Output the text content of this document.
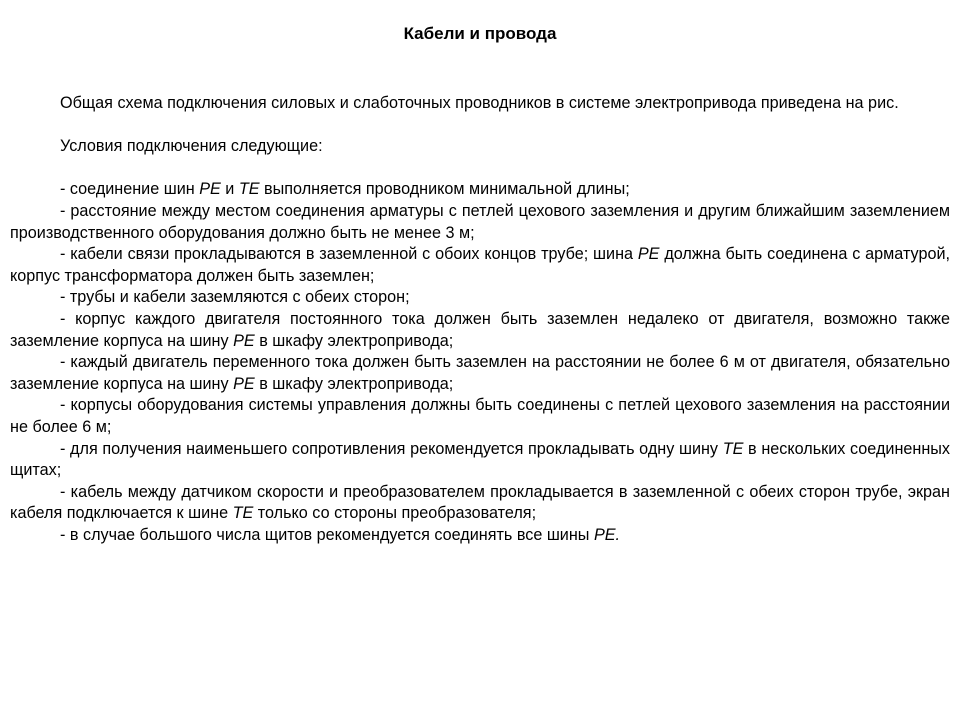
Кабели и провода

Общая схема подключения силовых и слаботочных проводников в системе электропривода приведена на рис.

Условия подключения следующие:

- соединение шин PE и TE выполняется проводником минимальной длины;

- расстояние между местом соединения арматуры с петлей цехового заземления и другим ближайшим заземлением производственного оборудования должно быть не менее 3 м;

- кабели связи прокладываются в заземленной с обоих концов трубе; шина PE должна быть соединена с арматурой, корпус трансформатора должен быть заземлен;

- трубы и кабели заземляются с обеих сторон;

- корпус каждого двигателя постоянного тока должен быть заземлен недалеко от двигателя, возможно также заземление корпуса на шину PE в шкафу электропривода;

- каждый двигатель переменного тока должен быть заземлен на расстоянии не более 6 м от двигателя, обязательно заземление корпуса на шину PE в шкафу электропривода;

- корпусы оборудования системы управления должны быть соединены с петлей цехового заземления на расстоянии не более 6 м;

- для получения наименьшего сопротивления рекомендуется прокладывать одну шину TE в нескольких соединенных щитах;

- кабель между датчиком скорости и преобразователем прокладывается в заземленной с обеих сторон трубе, экран кабеля подключается к шине TE только со стороны преобразователя;

- в случае большого числа щитов рекомендуется соединять все шины PE.
